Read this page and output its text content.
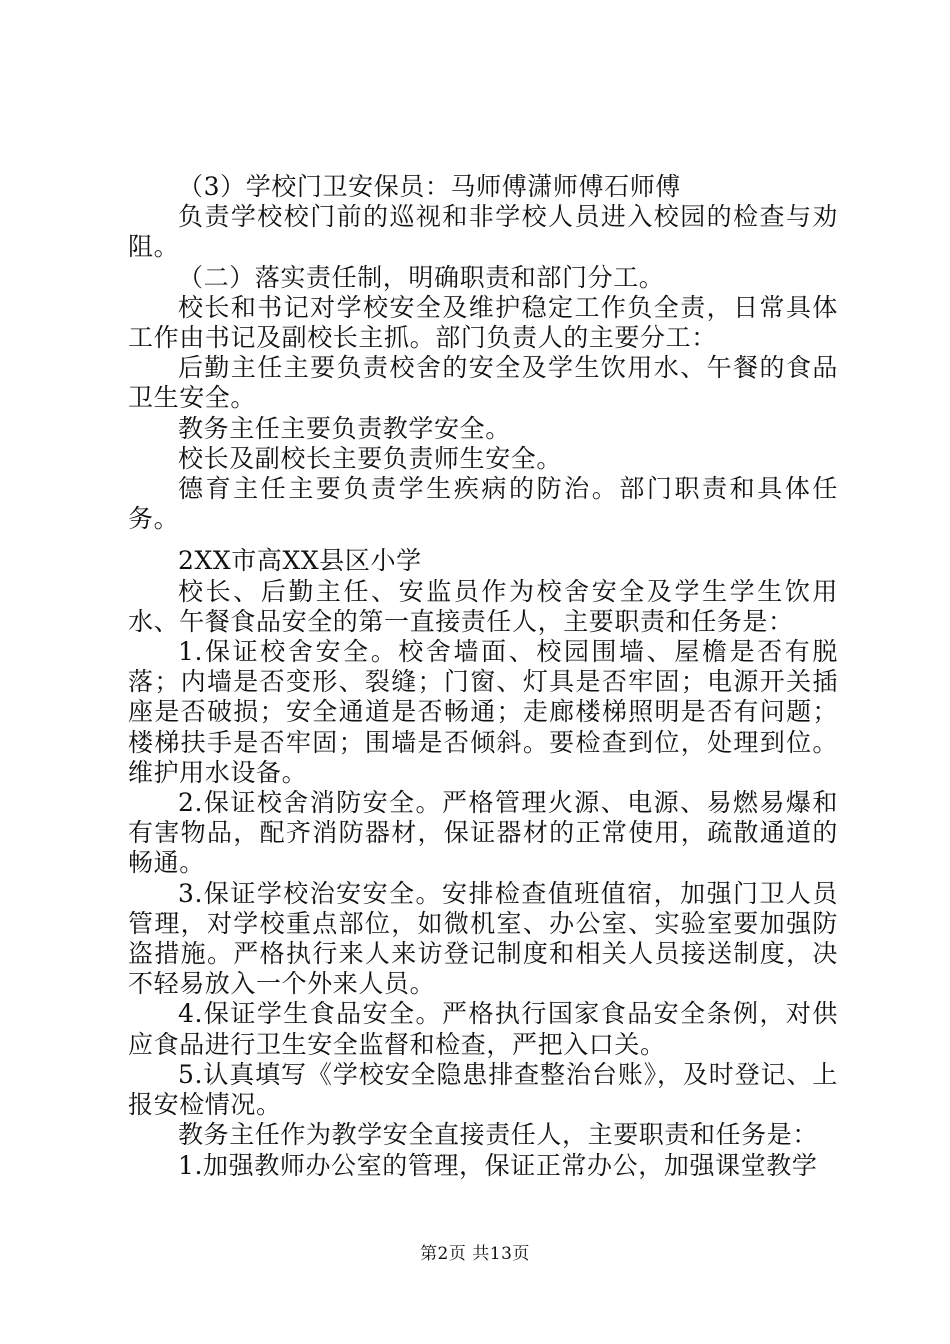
（3）学校门卫安保员：马师傅潇师傅石师傅

负责学校校门前的巡视和非学校人员进入校园的检查与劝阻。

（二）落实责任制，明确职责和部门分工。

校长和书记对学校安全及维护稳定工作负全责，日常具体工作由书记及副校长主抓。部门负责人的主要分工：

后勤主任主要负责校舍的安全及学生饮用水、午餐的食品卫生安全。

教务主任主要负责教学安全。

校长及副校长主要负责师生安全。

德育主任主要负责学生疾病的防治。部门职责和具体任务。

2XX市高XX县区小学

校长、后勤主任、安监员作为校舍安全及学生学生饮用水、午餐食品安全的第一直接责任人，主要职责和任务是：

1.保证校舍安全。校舍墙面、校园围墙、屋檐是否有脱落；内墙是否变形、裂缝；门窗、灯具是否牢固；电源开关插座是否破损；安全通道是否畅通；走廊楼梯照明是否有问题；楼梯扶手是否牢固；围墙是否倾斜。要检查到位，处理到位。维护用水设备。

2.保证校舍消防安全。严格管理火源、电源、易燃易爆和有害物品，配齐消防器材，保证器材的正常使用，疏散通道的畅通。

3.保证学校治安安全。安排检查值班值宿，加强门卫人员管理，对学校重点部位，如微机室、办公室、实验室要加强防盗措施。严格执行来人来访登记制度和相关人员接送制度，决不轻易放入一个外来人员。

4.保证学生食品安全。严格执行国家食品安全条例，对供应食品进行卫生安全监督和检查，严把入口关。

5.认真填写《学校安全隐患排查整治台账》，及时登记、上报安检情况。

教务主任作为教学安全直接责任人，主要职责和任务是：

1.加强教师办公室的管理，保证正常办公，加强课堂教学

第2页 共13页
